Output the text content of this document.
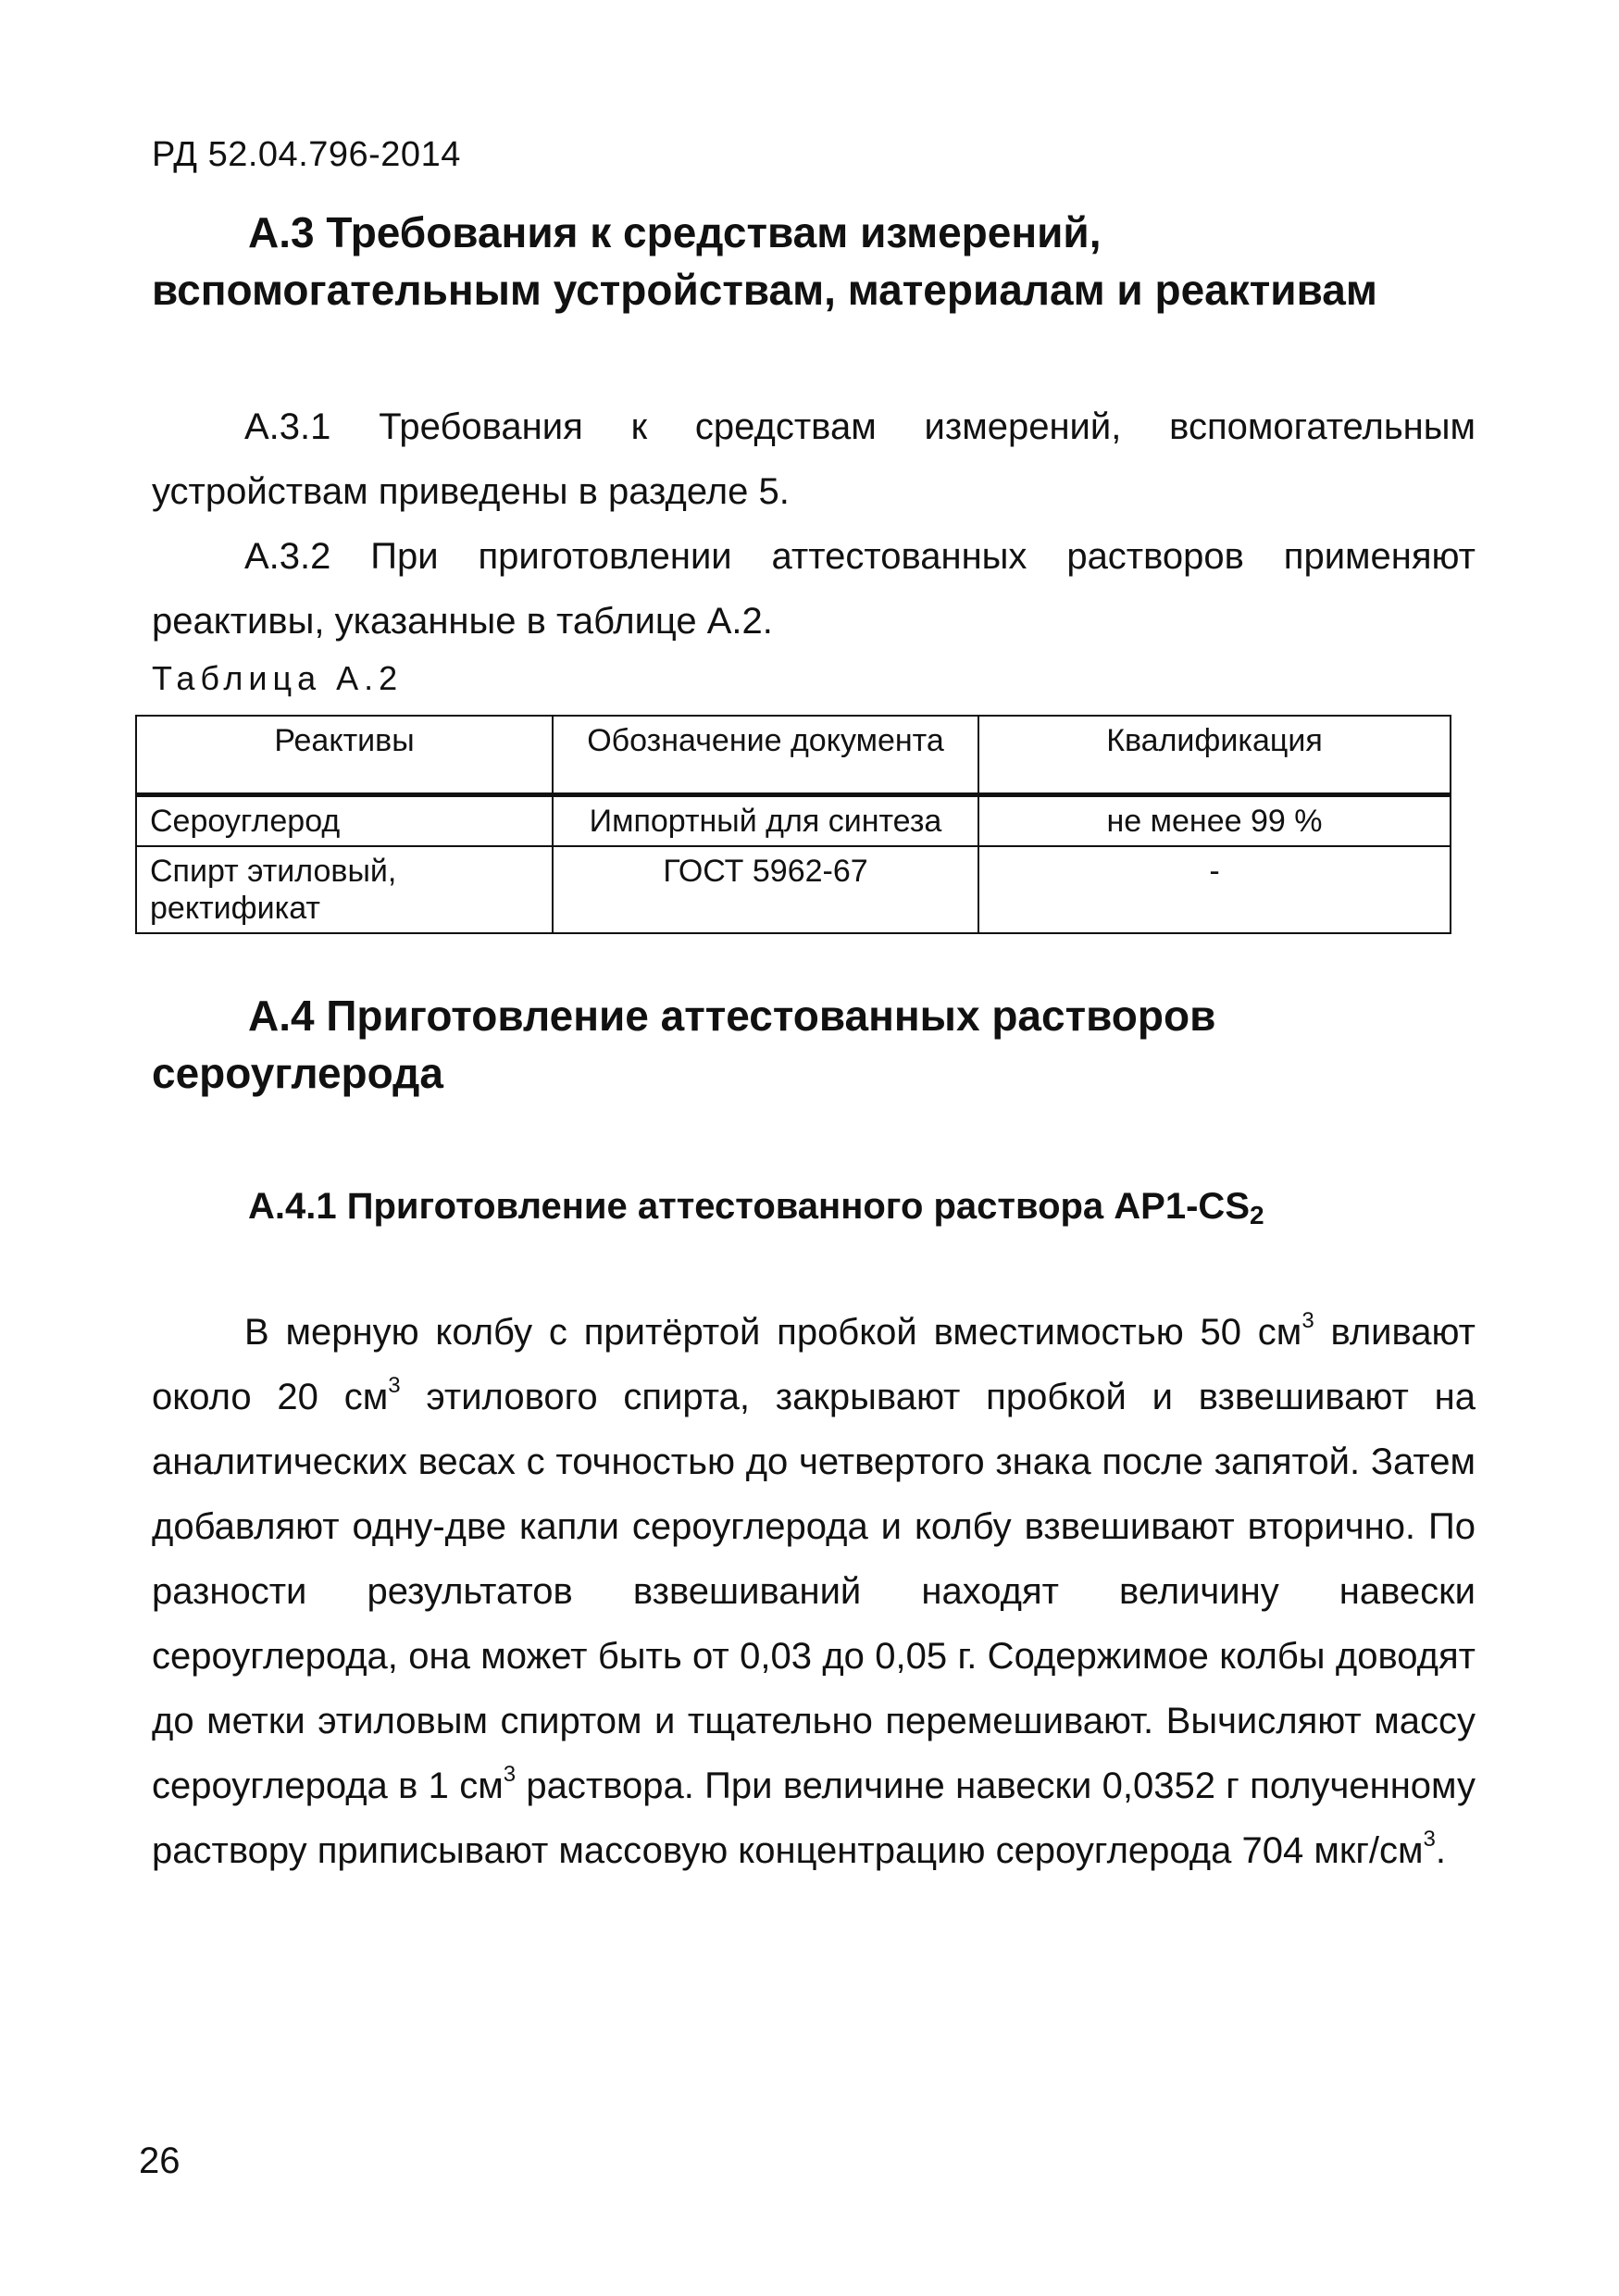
РД 52.04.796-2014
А.3 Требования к средствам измерений,
вспомогательным устройствам, материалам и реактивам
А.3.1 Требования к средствам измерений, вспомогательным устройствам приведены в разделе 5.
А.3.2 При приготовлении аттестованных растворов применяют реактивы, указанные в таблице А.2.
Таблица А.2
Реактивы	Обозначение документа	Квалификация
Сероуглерод	Импортный для синтеза	не менее 99 %
Спирт этиловый, ректификат	ГОСТ 5962-67	-
А.4 Приготовление аттестованных растворов
сероуглерода
А.4.1 Приготовление аттестованного раствора $АР1-CS_2$
В мерную колбу с притёртой пробкой вместимостью 50 $см^3$ вливают около 20 $см^3$ этилового спирта, закрывают пробкой и взвешивают на аналитических весах с точностью до четвертого знака после запятой. Затем добавляют одну-две капли сероуглерода и колбу взвешивают вторично. По разности результатов взвешиваний находят величину навески сероуглерода, она может быть от 0,03 до 0,05 г. Содержимое колбы доводят до метки этиловым спиртом и тщательно перемешивают. Вычисляют массу сероуглерода в 1 $см^3$ раствора. При величине навески 0,0352 г полученному раствору приписывают массовую концентрацию сероуглерода 704 мкг/$см^3$.
26
